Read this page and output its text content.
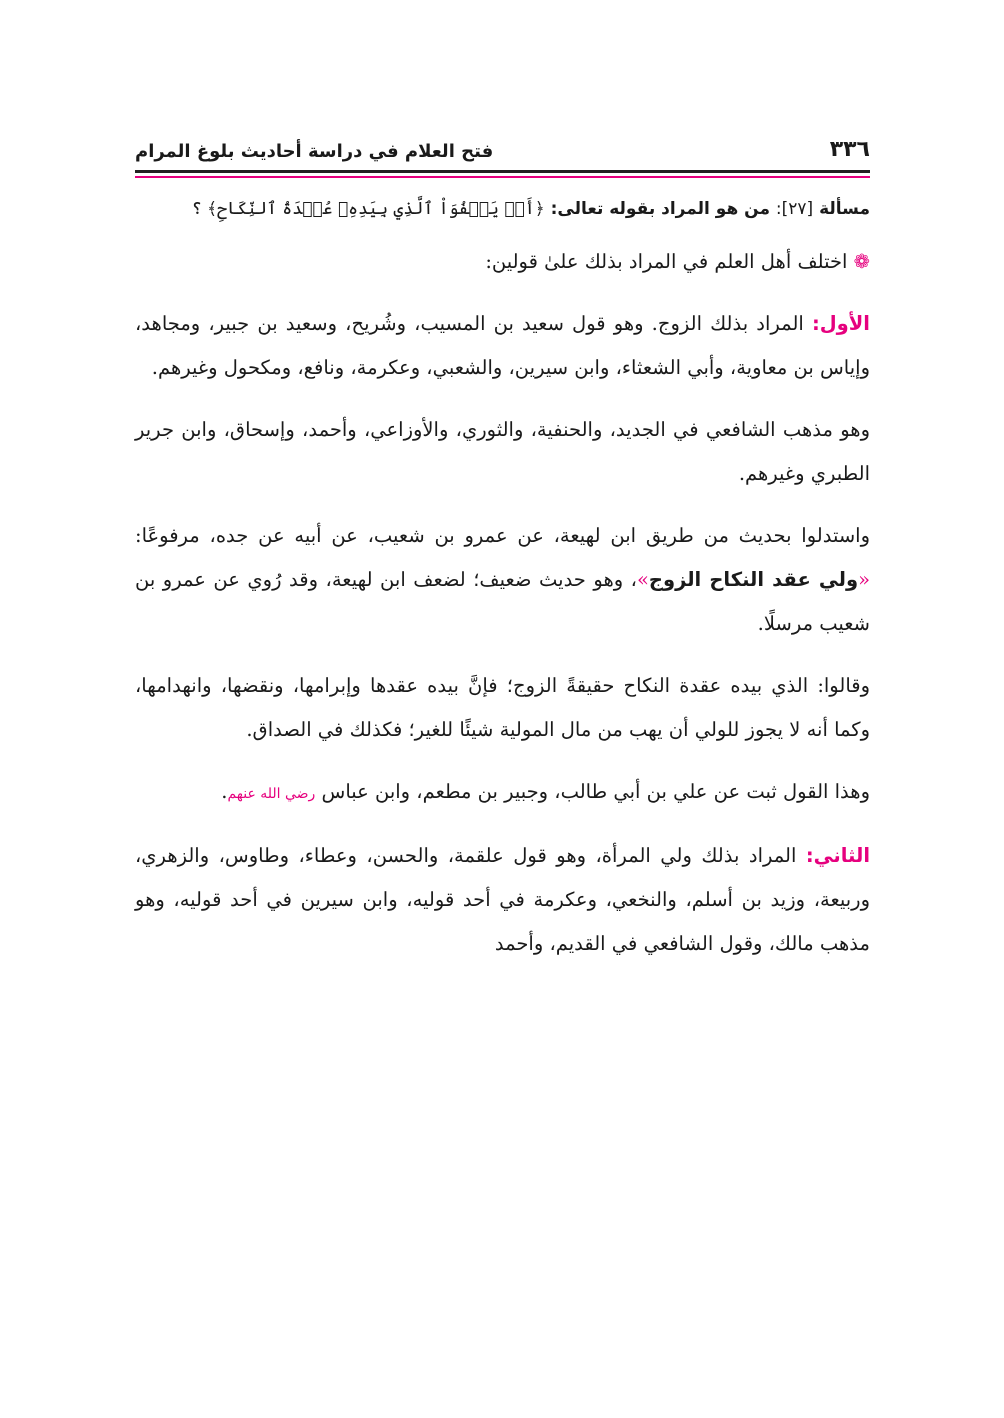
٣٣٦
فتح العلام في دراسة أحاديث بلوغ المرام
مسألة [٢٧]: من هو المراد بقوله تعالى: ﴿أَوۡ يَعۡفُوَاْ ٱلَّذِي بِيَدِهِۦ عُقۡدَةُ ٱلنِّكَاحِ﴾ ؟

❁ اختلف أهل العلم في المراد بذلك علىٰ قولين:

الأول: المراد بذلك الزوج. وهو قول سعيد بن المسيب، وشُريح، وسعيد بن جبير، ومجاهد، وإياس بن معاوية، وأبي الشعثاء، وابن سيرين، والشعبي، وعكرمة، ونافع، ومكحول وغيرهم.

وهو مذهب الشافعي في الجديد، والحنفية، والثوري، والأوزاعي، وأحمد، وإسحاق، وابن جرير الطبري وغيرهم.

واستدلوا بحديث من طريق ابن لهيعة، عن عمرو بن شعيب، عن أبيه عن جده، مرفوعًا: «ولي عقد النكاح الزوج»، وهو حديث ضعيف؛ لضعف ابن لهيعة، وقد رُوي عن عمرو بن شعيب مرسلًا.

وقالوا: الذي بيده عقدة النكاح حقيقةً الزوج؛ فإنَّ بيده عقدها وإبرامها، ونقضها، وانهدامها، وكما أنه لا يجوز للولي أن يهب من مال المولية شيئًا للغير؛ فكذلك في الصداق.

وهذا القول ثبت عن علي بن أبي طالب، وجبير بن مطعم، وابن عباس رضي الله عنهم.

الثاني: المراد بذلك ولي المرأة، وهو قول علقمة، والحسن، وعطاء، وطاوس، والزهري، وربيعة، وزيد بن أسلم، والنخعي، وعكرمة في أحد قوليه، وابن سيرين في أحد قوليه، وهو مذهب مالك، وقول الشافعي في القديم، وأحمد
